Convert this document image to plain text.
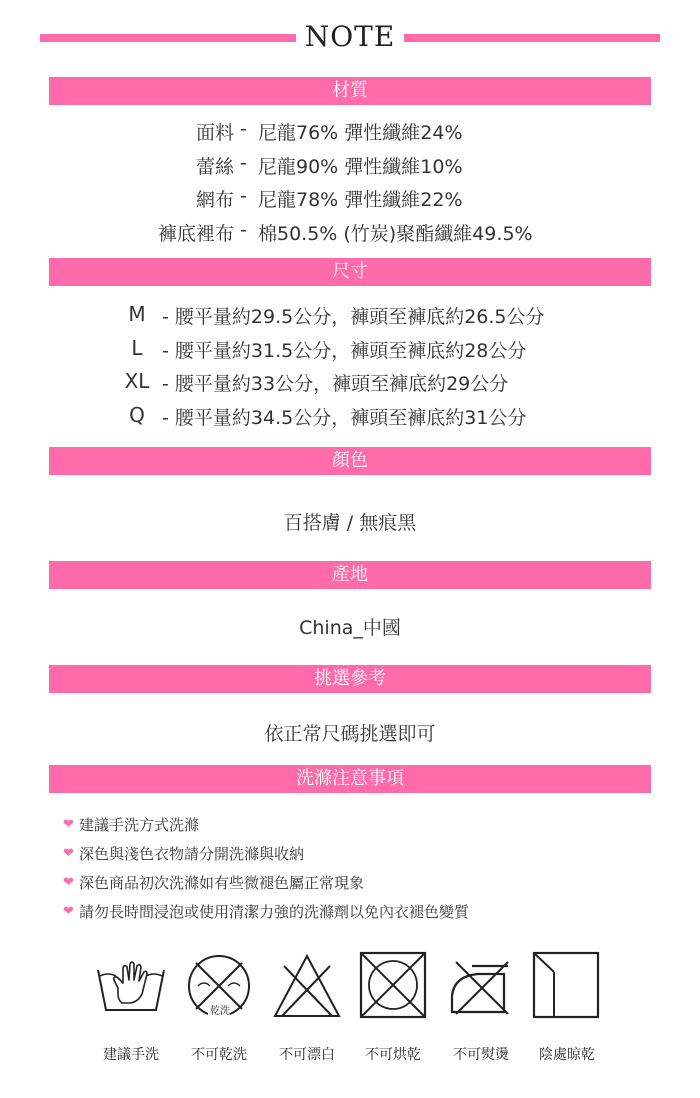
NOTE
材質
面料 - 尼龍76% 彈性纖維24%
蕾絲 - 尼龍90% 彈性纖維10%
網布 - 尼龍78% 彈性纖維22%
褲底裡布 - 棉50.5% (竹炭)聚酯纖維49.5%
尺寸
M - 腰平量約29.5公分，褲頭至褲底約26.5公分
L	- 腰平量約31.5公分，褲頭至褲底約28公分
XL - 腰平量約33公分，褲頭至褲底約29公分
Q - 腰平量約34.5公分，褲頭至褲底約31公分
顏色
百搭膚 / 無痕黑
產地
China_中國
挑選參考
依正常尺碼挑選即可
洗滌注意事項
❤ 建議手洗方式洗滌
❤ 深色與淺色衣物請分開洗滌與收納
❤ 深色商品初次洗滌如有些微褪色屬正常現象
❤ 請勿長時間浸泡或使用清潔力強的洗滌劑以免內衣褪色變質
建議手洗
乾洗
不可乾洗	不可漂白	不可烘乾	不可熨燙	陰處晾乾
